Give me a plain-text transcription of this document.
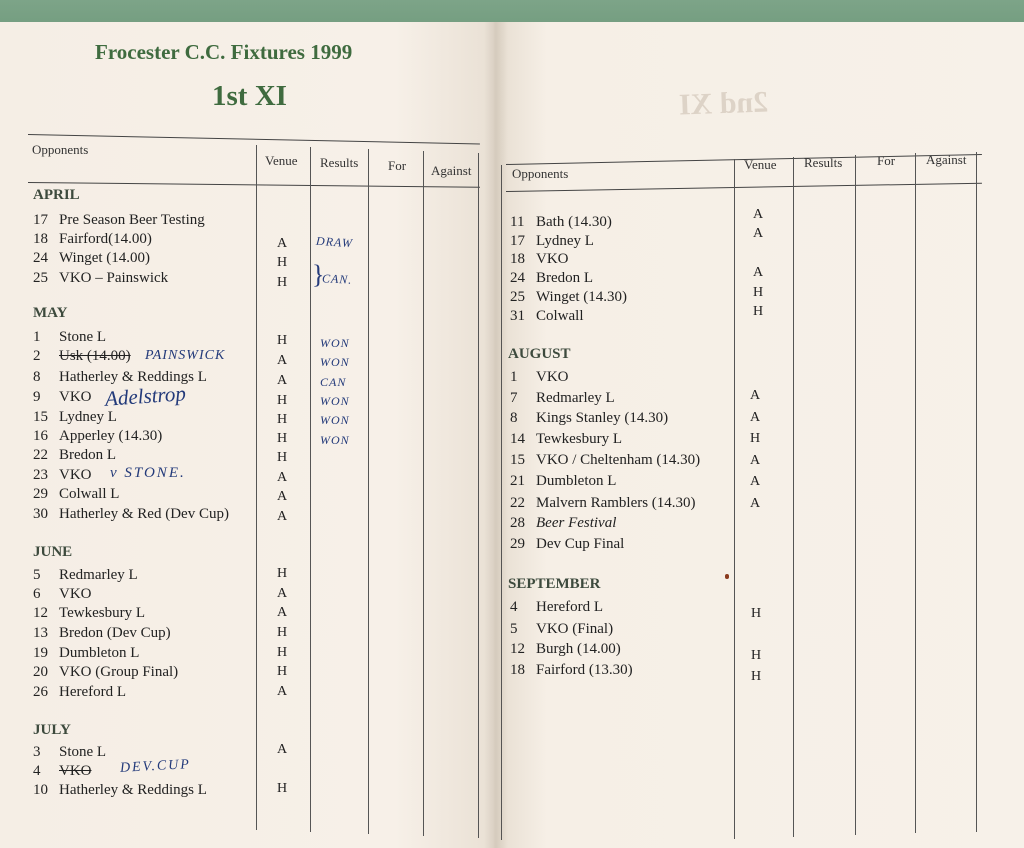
Frocester C.C. Fixtures 1999
1st XI
Opponents
Venue Results For Against
APRIL
17 Pre Season Beer Testing
18 Fairford(14.00)
24 Winget (14.00)
25 VKO – Painswick
MAY
1 Stone L
2 Usk (14.00)
8 Hatherley & Reddings L
9 VKO
15 Lydney L
16 Apperley (14.30)
22 Bredon L
23 VKO
29 Colwall L
30 Hatherley & Red (Dev Cup)
JUNE
5 Redmarley L
6 VKO
12 Tewkesbury L
13 Bredon (Dev Cup)
19 Dumbleton L
20 VKO (Group Final)
26 Hereford L
JULY
3 Stone L
4 VKO
10 Hatherley & Reddings L
A
H
H
H
A
A
H
H
H
H
A
A
A
H
A
A
H
H
H
A
A
H
DRAW
}
CAN.
WON
WON
CAN
WON
WON
WON
PAINSWICK
Adelstrop
v STONE.
DEV.CUP
2nd XI
Opponents
Venue Results	For Against
11 Bath (14.30)
17 Lydney L
18 VKO
24 Bredon L
25 Winget (14.30)
31 Colwall
AUGUST
1 VKO
7 Redmarley L
8 Kings Stanley (14.30)
14 Tewkesbury L
15 VKO / Cheltenham (14.30)
21 Dumbleton L
22 Malvern Ramblers (14.30)
28 Beer Festival
29 Dev Cup Final
SEPTEMBER
4 Hereford L
5 VKO (Final)
12 Burgh (14.00)
18 Fairford (13.30)
A
A
A
H
H
A
A
H
A
A
A
H
H
H
